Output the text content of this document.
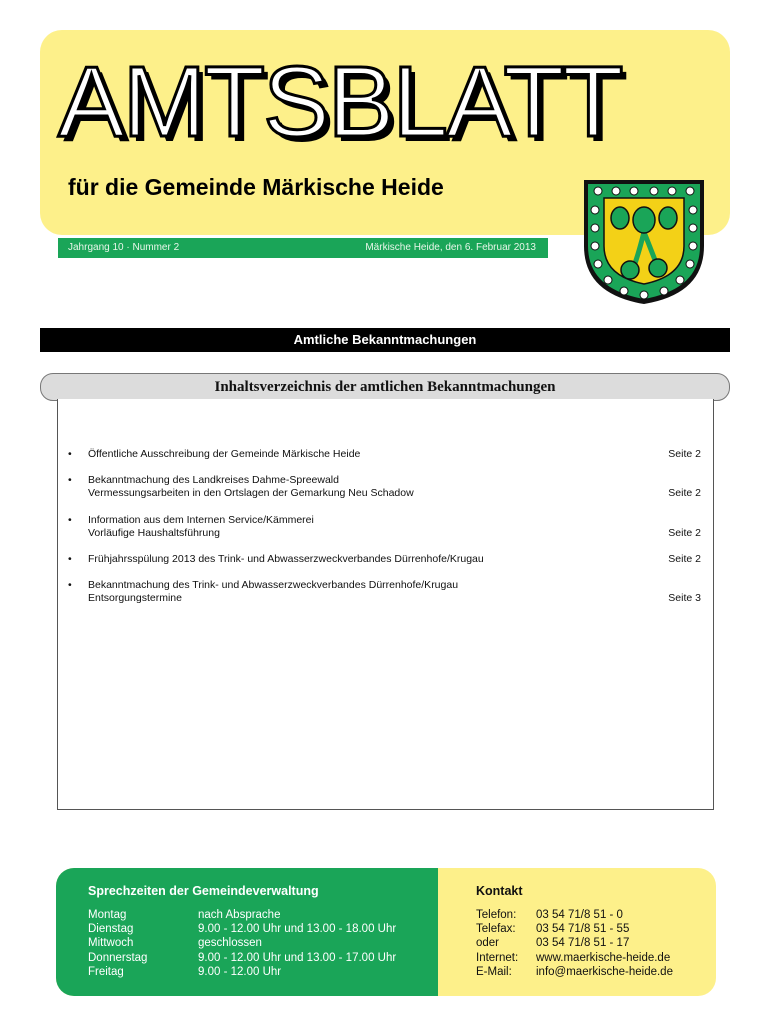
AMTSBLATT
für die Gemeinde Märkische Heide
Jahrgang 10 · Nummer 2	Märkische Heide, den 6. Februar 2013
Amtliche Bekanntmachungen
Inhaltsverzeichnis der amtlichen Bekanntmachungen
• Öffentliche Ausschreibung der Gemeinde Märkische Heide	Seite 2
• Bekanntmachung des Landkreises Dahme-Spreewald
Vermessungsarbeiten in den Ortslagen der Gemarkung Neu Schadow	Seite 2
• Information aus dem Internen Service/Kämmerei
Vorläufige Haushaltsführung	Seite 2
• Frühjahrsspülung 2013 des Trink- und Abwasserzweckverbandes Dürrenhofe/Krugau	Seite 2
• Bekanntmachung des Trink- und Abwasserzweckverbandes Dürrenhofe/Krugau
Entsorgungstermine	Seite 3
Sprechzeiten der Gemeindeverwaltung
Montag	nach Absprache
Dienstag	9.00 - 12.00 Uhr und 13.00 - 18.00 Uhr
Mittwoch	geschlossen
Donnerstag	9.00 - 12.00 Uhr und 13.00 - 17.00 Uhr
Freitag	9.00 - 12.00 Uhr
Kontakt
Telefon: 03 54 71/8 51 - 0
Telefax: 03 54 71/8 51 - 55
oder	03 54 71/8 51 - 17
Internet: www.maerkische-heide.de
E-Mail: info@maerkische-heide.de
